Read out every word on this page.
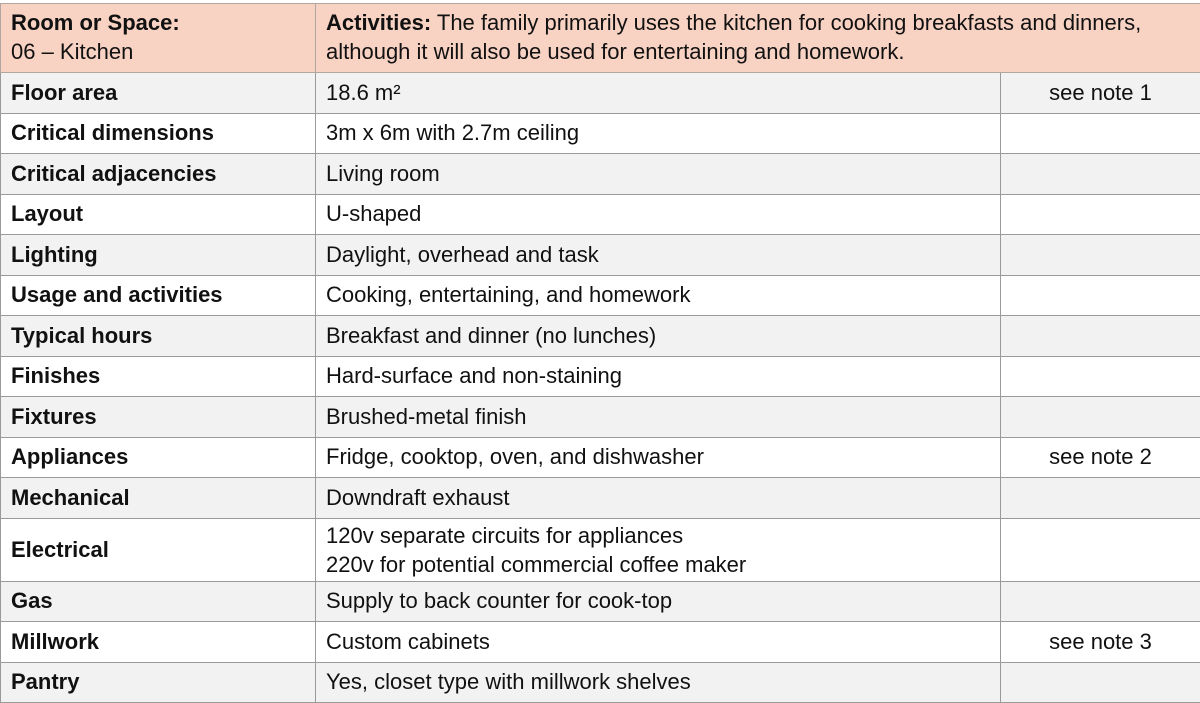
Room or Space:
06 – Kitchen	Activities: The family primarily uses the kitchen for cooking breakfasts and dinners, although it will also be used for entertaining and homework.	
Floor area	18.6 m²	see note 1
Critical dimensions	3m x 6m with 2.7m ceiling	
Critical adjacencies	Living room	
Layout	U-shaped	
Lighting	Daylight, overhead and task	
Usage and activities	Cooking, entertaining, and homework	
Typical hours	Breakfast and dinner (no lunches)	
Finishes	Hard-surface and non-staining	
Fixtures	Brushed-metal finish	
Appliances	Fridge, cooktop, oven, and dishwasher	see note 2
Mechanical	Downdraft exhaust	
Electrical	120v separate circuits for appliances
220v for potential commercial coffee maker	

Gas	Supply to back counter for cook-top	
Millwork	Custom cabinets	see note 3
Pantry	Yes, closet type with millwork shelves	
